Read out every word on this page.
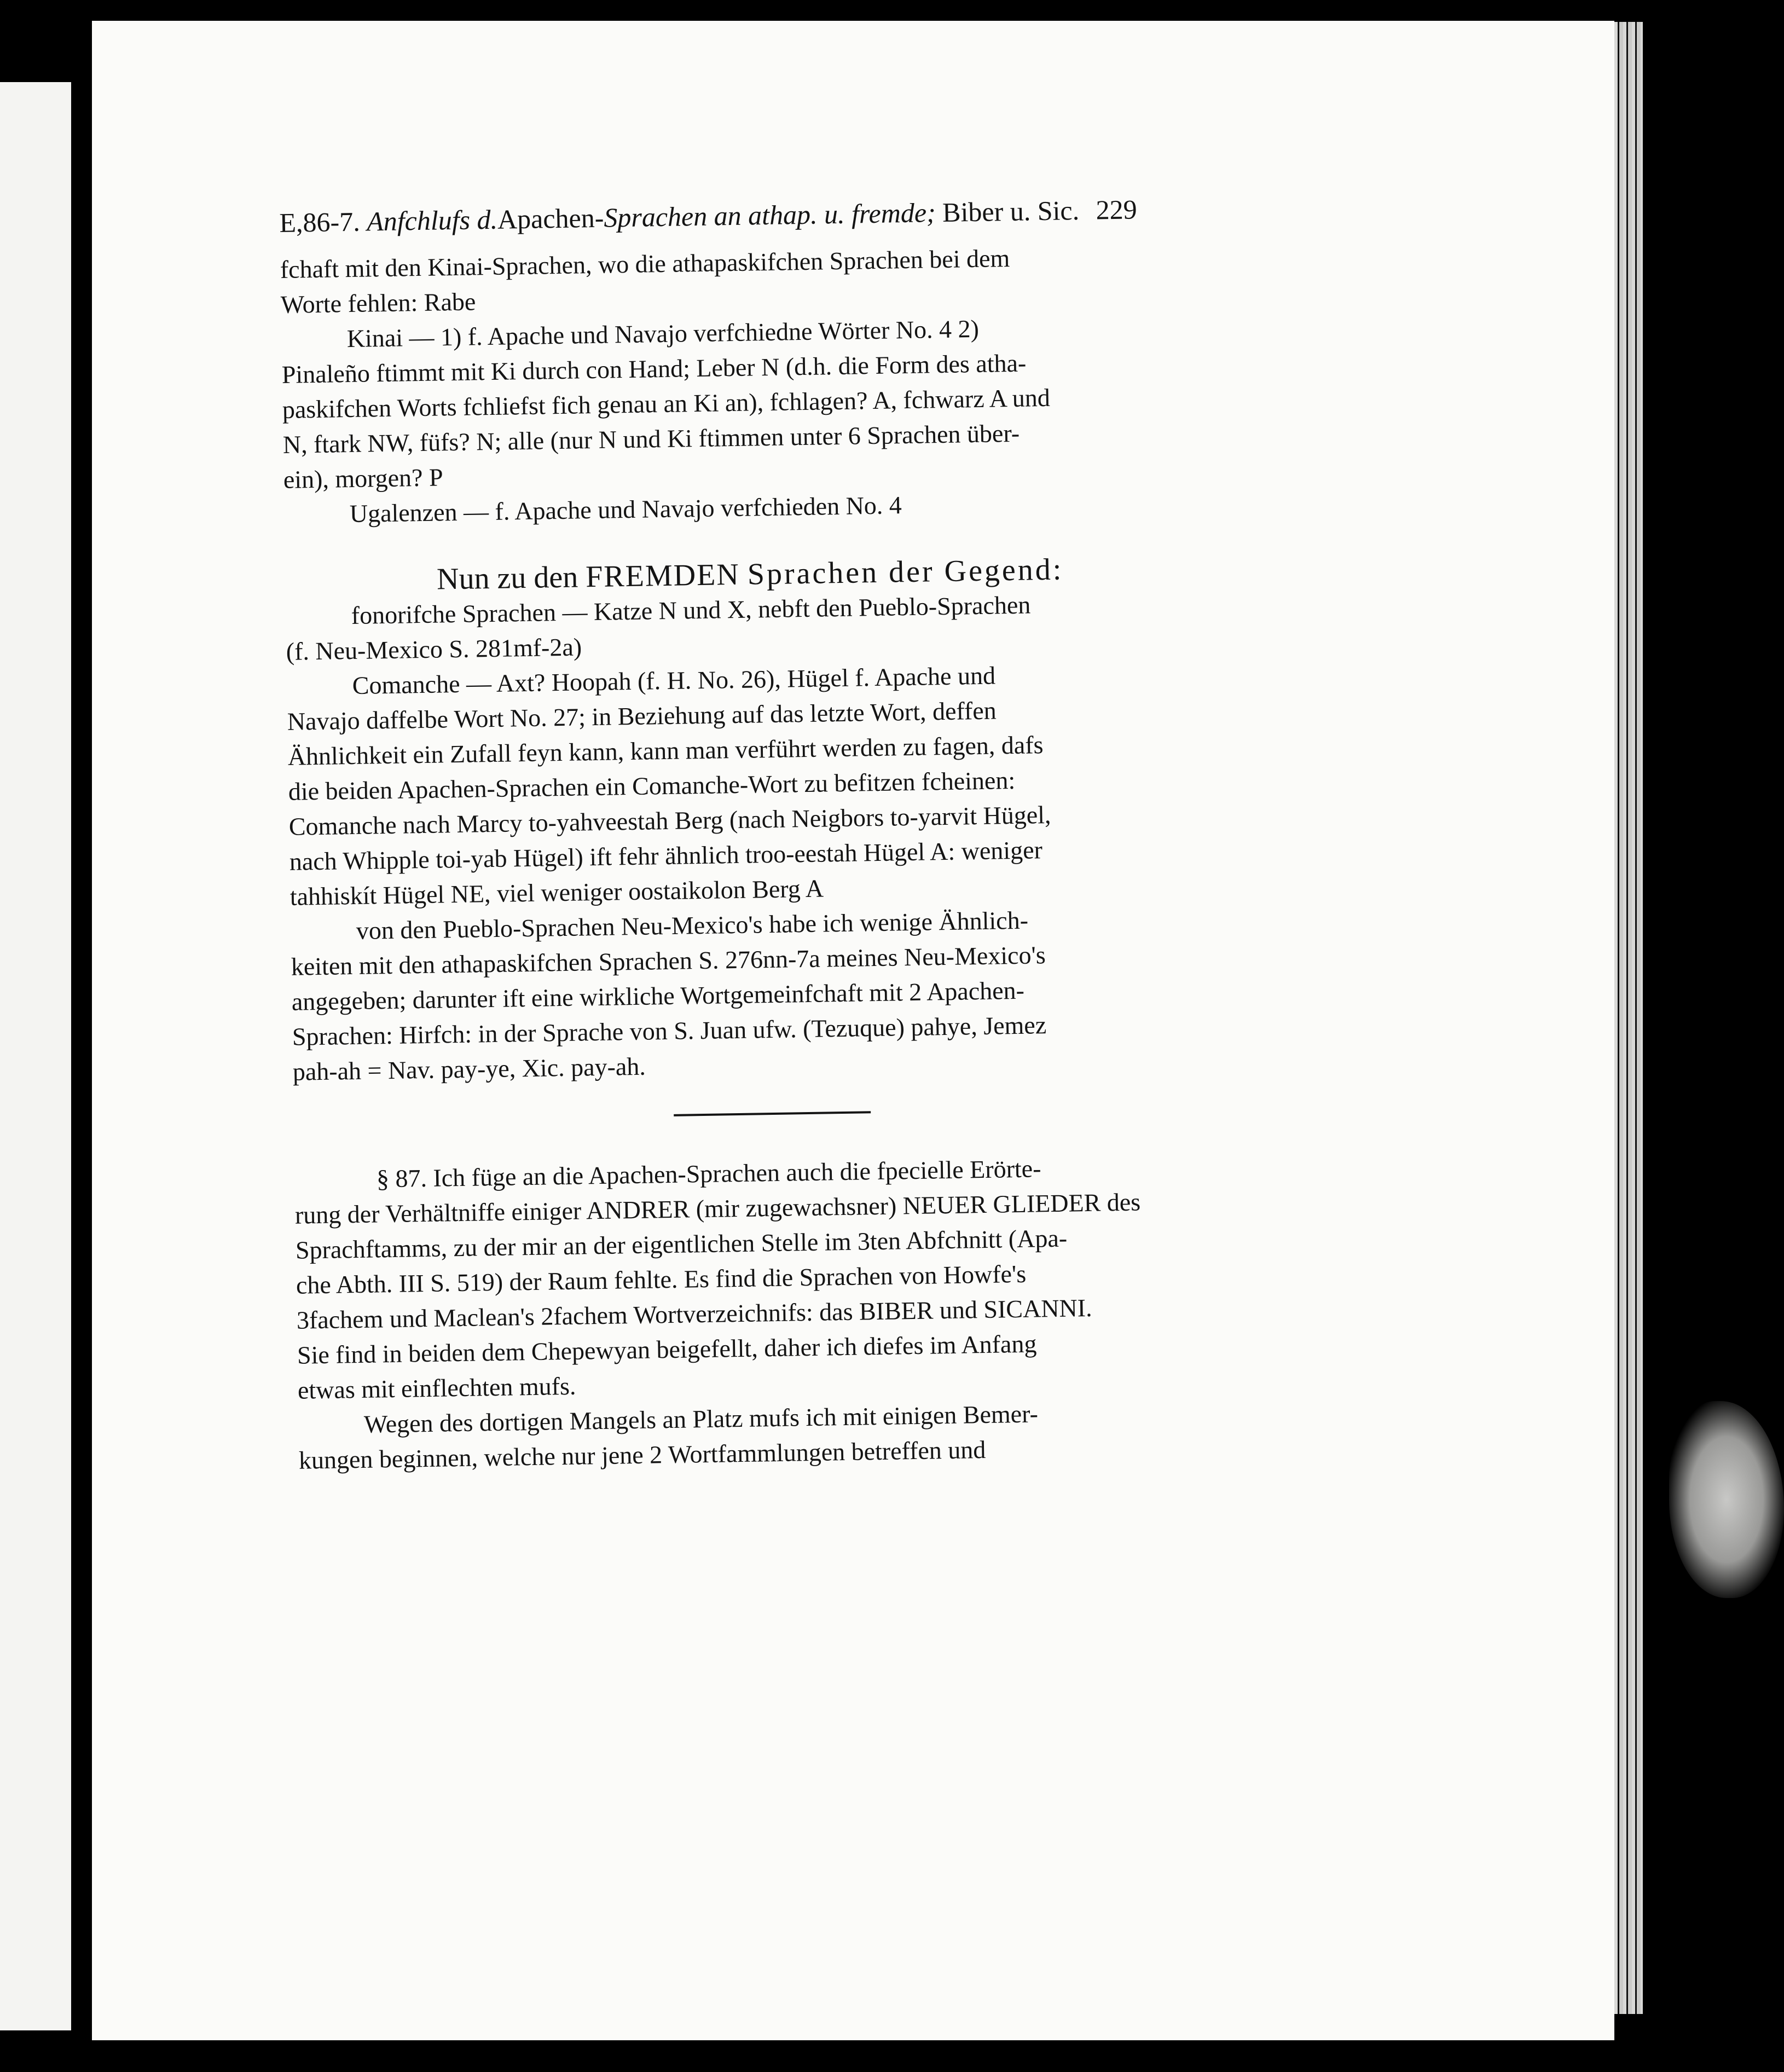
E,86-7. Anfchlufs d.Apachen-Sprachen an athap. u. fremde; Biber u. Sic. 229
fchaft mit den Kinai-Sprachen, wo die athapaskifchen Sprachen bei dem
Worte fehlen: Rabe
Kinai — 1) f. Apache und Navajo verfchiedne Wörter No. 4 2)
Pinaleño ftimmt mit Ki durch con Hand; Leber N (d.h. die Form des atha-
paskifchen Worts fchliefst fich genau an Ki an), fchlagen? A, fchwarz A und
N, ftark NW, füfs? N; alle (nur N und Ki ftimmen unter 6 Sprachen über-
ein), morgen? P
Ugalenzen — f. Apache und Navajo verfchieden No. 4
Nun zu den FREMDEN Sprachen der Gegend:
fonorifche Sprachen — Katze N und X, nebft den Pueblo-Sprachen
(f. Neu-Mexico S. 281mf-2a)
Comanche — Axt? Hoopah (f. H. No. 26), Hügel f. Apache und
Navajo daffelbe Wort No. 27; in Beziehung auf das letzte Wort, deffen
Ähnlichkeit ein Zufall feyn kann, kann man verführt werden zu fagen, dafs
die beiden Apachen-Sprachen ein Comanche-Wort zu befitzen fcheinen:
Comanche nach Marcy to-yahveestah Berg (nach Neigbors to-yarvit Hügel,
nach Whipple toi-yab Hügel) ift fehr ähnlich troo-eestah Hügel A: weniger
tahhiskít Hügel NE, viel weniger oostaikolon Berg A
von den Pueblo-Sprachen Neu-Mexico's habe ich wenige Ähnlich-
keiten mit den athapaskifchen Sprachen S. 276nn-7a meines Neu-Mexico's
angegeben; darunter ift eine wirkliche Wortgemeinfchaft mit 2 Apachen-
Sprachen: Hirfch: in der Sprache von S. Juan ufw. (Tezuque) pahye, Jemez
pah-ah = Nav. pay-ye, Xic. pay-ah.
§ 87. Ich füge an die Apachen-Sprachen auch die fpecielle Erörte-
rung der Verhältniffe einiger ANDRER (mir zugewachsner) NEUER GLIEDER des
Sprachftamms, zu der mir an der eigentlichen Stelle im 3ten Abfchnitt (Apa-
che Abth. III S. 519) der Raum fehlte. Es find die Sprachen von Howfe's
3fachem und Maclean's 2fachem Wortverzeichnifs: das BIBER und SICANNI.
Sie find in beiden dem Chepewyan beigefellt, daher ich diefes im Anfang
etwas mit einflechten mufs.
Wegen des dortigen Mangels an Platz mufs ich mit einigen Bemer-
kungen beginnen, welche nur jene 2 Wortfammlungen betreffen und
